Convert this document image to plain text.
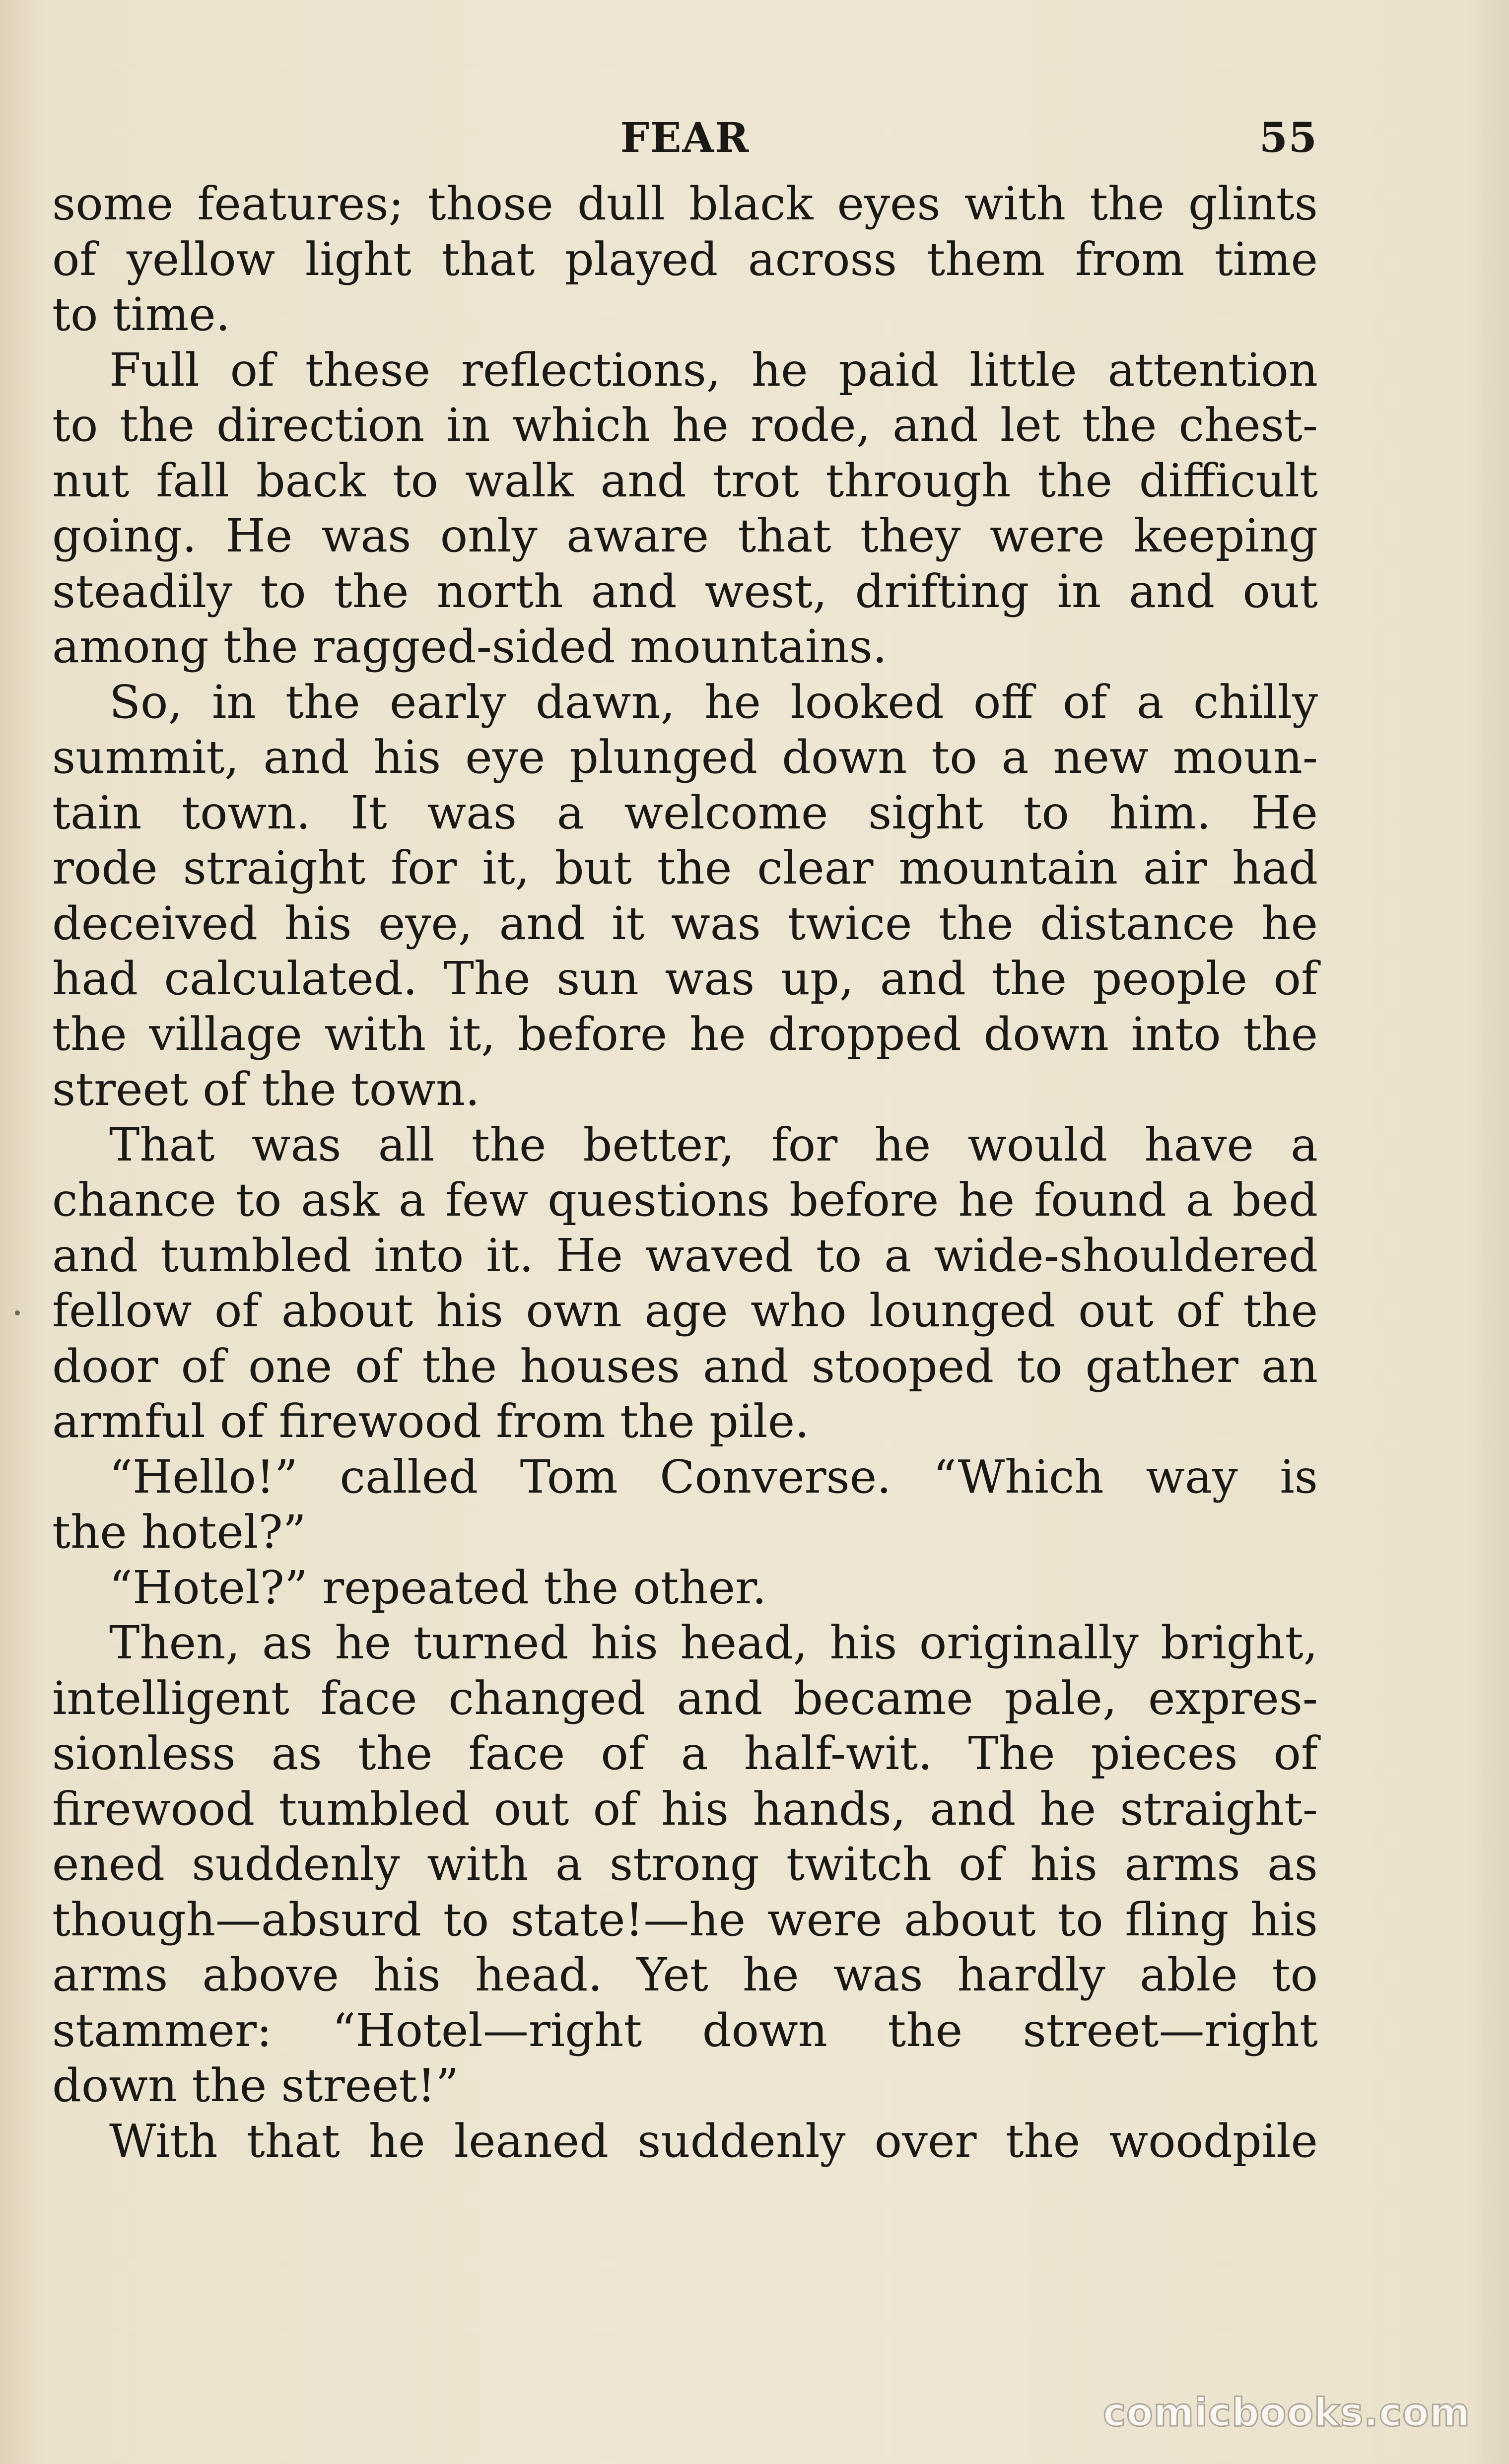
FEAR	55
some features; those dull black eyes with the glints
of yellow light that played across them from time
to time.
Full of these reflections, he paid little attention
to the direction in which he rode, and let the chest-
nut fall back to walk and trot through the difficult
going. He was only aware that they were keeping
steadily to the north and west, drifting in and out
among the ragged-sided mountains.
So, in the early dawn, he looked off of a chilly
summit, and his eye plunged down to a new moun-
tain town. It was a welcome sight to him. He
rode straight for it, but the clear mountain air had
deceived his eye, and it was twice the distance he
had calculated. The sun was up, and the people of
the village with it, before he dropped down into the
street of the town.
That was all the better, for he would have a
chance to ask a few questions before he found a bed
and tumbled into it. He waved to a wide-shouldered
fellow of about his own age who lounged out of the
door of one of the houses and stooped to gather an
armful of firewood from the pile.
“Hello!” called Tom Converse. “Which way is
the hotel?”
“Hotel?” repeated the other.
Then, as he turned his head, his originally bright,
intelligent face changed and became pale, expres-
sionless as the face of a half-wit. The pieces of
firewood tumbled out of his hands, and he straight-
ened suddenly with a strong twitch of his arms as
though—absurd to state!—he were about to fling his
arms above his head. Yet he was hardly able to
stammer: “Hotel—right down the street—right
down the street!”
With that he leaned suddenly over the woodpile
comicbooks.com
